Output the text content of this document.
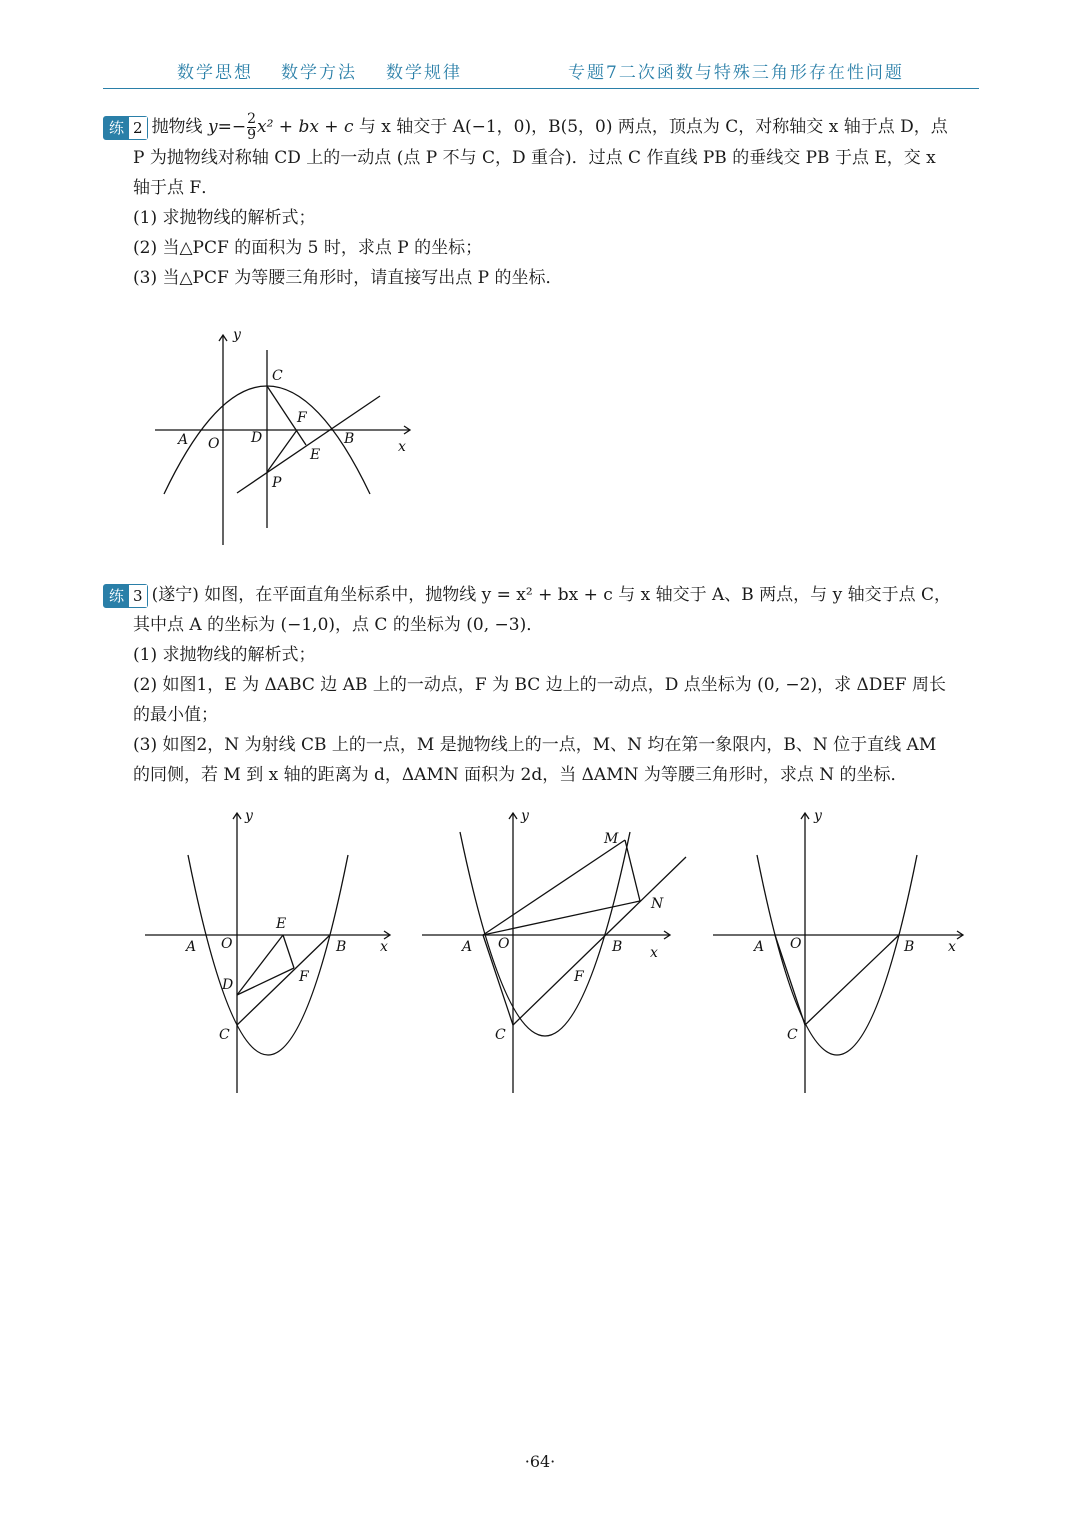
数学思想 数学方法 数学规律	专题7二次函数与特殊三角形存在性问题

练 2 抛物线 $y=- \frac{2}{9} x^2$ + bx + c 与 x 轴交于 A(−1，0)，B(5，0) 两点，顶点为 C，对称轴交 x 轴于点 D，点

P 为抛物线对称轴 CD 上的一动点 (点 P 不与 C，D 重合)．过点 C 作直线 PB 的垂线交 PB 于点 E，交 x

轴于点 F．

(1) 求抛物线的解析式；

(2) 当△PCF 的面积为 5 时，求点 P 的坐标；

(3) 当△PCF 为等腰三角形时，请直接写出点 P 的坐标．

y
x
A O D
C
F
B
E
P

练 3 (遂宁) 如图，在平面直角坐标系中，抛物线 y = x² + bx + c 与 x 轴交于 A、B 两点，与 y 轴交于点 C，

其中点 A 的坐标为 (−1,0)，点 C 的坐标为 (0, −3)．

(1) 求抛物线的解析式；

(2) 如图1，E 为 ΔABC 边 AB 上的一动点，F 为 BC 边上的一动点，D 点坐标为 (0, −2)，求 ΔDEF 周长

的最小值；

(3) 如图2，N 为射线 CB 上的一点，M 是抛物线上的一点，M、N 均在第一象限内，B、N 位于直线 AM

的同侧，若 M 到 x 轴的距离为 d，ΔAMN 面积为 2d，当 ΔAMN 为等腰三角形时，求点 N 的坐标．

y
x
A O
E
B
D	F
C
y
x
M
N
A O	B
F
C
y
x
A O	B
C
·64·
